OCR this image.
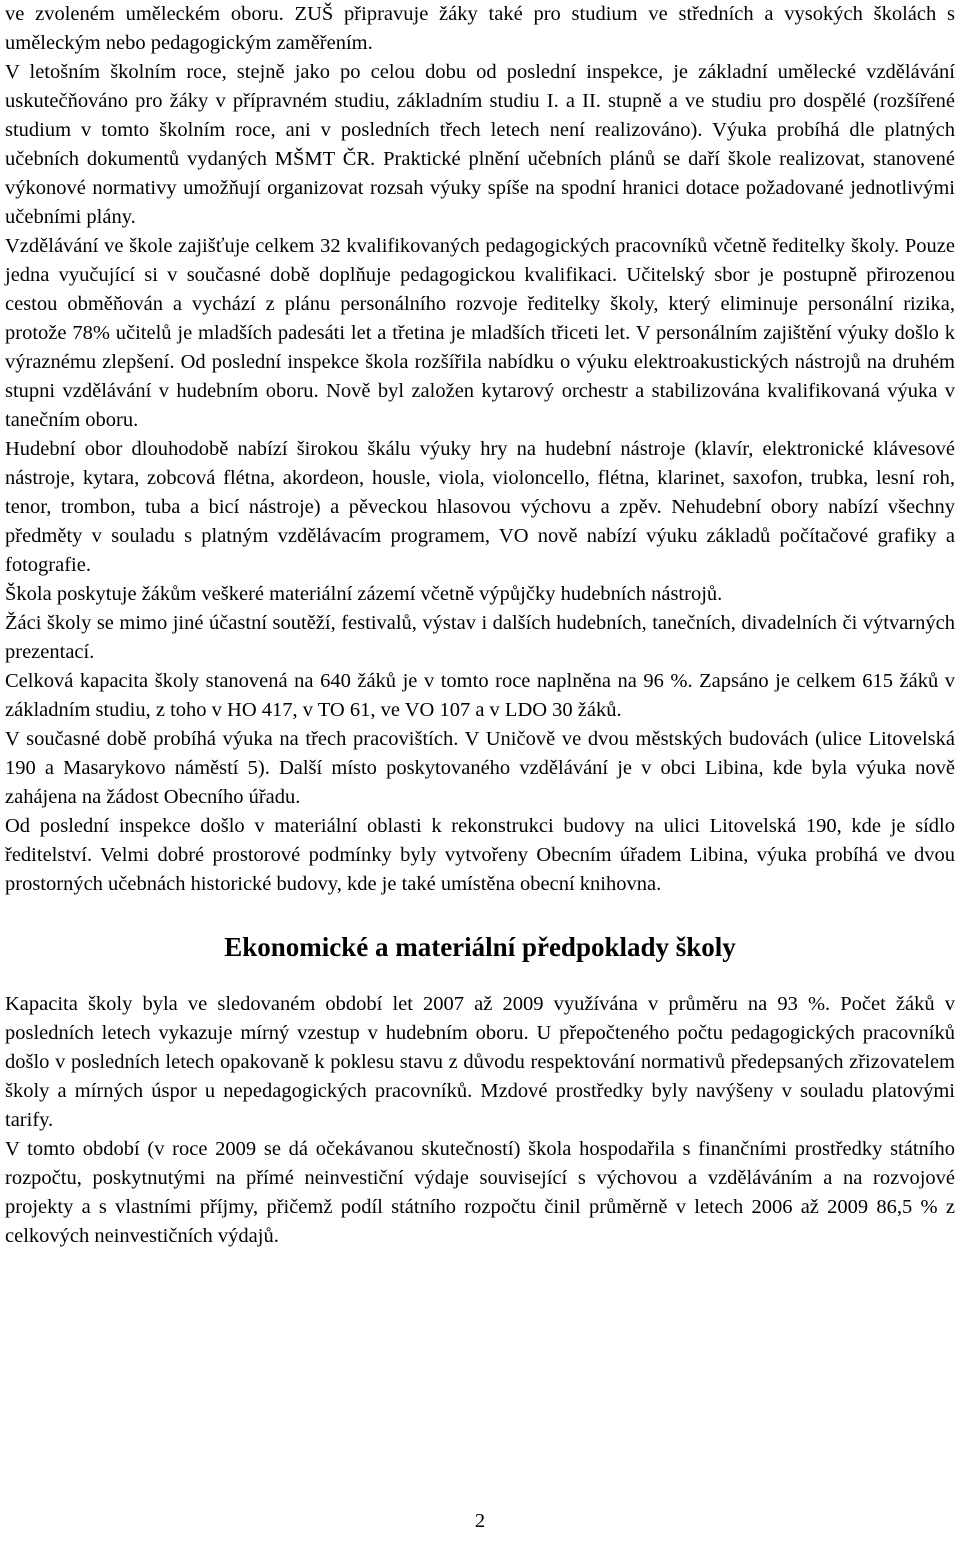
ve zvoleném uměleckém oboru. ZUŠ připravuje žáky také pro studium ve středních a vysokých školách s uměleckým nebo pedagogickým zaměřením.

V letošním školním roce, stejně jako po celou dobu od poslední inspekce, je základní umělecké vzdělávání uskutečňováno pro žáky v přípravném studiu, základním studiu I. a II. stupně a ve studiu pro dospělé (rozšířené studium v tomto školním roce, ani v posledních třech letech není realizováno). Výuka probíhá dle platných učebních dokumentů vydaných MŠMT ČR. Praktické plnění učebních plánů se daří škole realizovat, stanovené výkonové normativy umožňují organizovat rozsah výuky spíše na spodní hranici dotace požadované jednotlivými učebními plány.

Vzdělávání ve škole zajišťuje celkem 32 kvalifikovaných pedagogických pracovníků včetně ředitelky školy. Pouze jedna vyučující si v současné době doplňuje pedagogickou kvalifikaci. Učitelský sbor je postupně přirozenou cestou obměňován a vychází z plánu personálního rozvoje ředitelky školy, který eliminuje personální rizika, protože 78% učitelů je mladších padesáti let a třetina je mladších třiceti let. V personálním zajištění výuky došlo k výraznému zlepšení. Od poslední inspekce škola rozšířila nabídku o výuku elektroakustických nástrojů na druhém stupni vzdělávání v hudebním oboru. Nově byl založen kytarový orchestr a stabilizována kvalifikovaná výuka v tanečním oboru.

Hudební obor dlouhodobě nabízí širokou škálu výuky hry na hudební nástroje (klavír, elektronické klávesové nástroje, kytara, zobcová flétna, akordeon, housle, viola, violoncello, flétna, klarinet, saxofon, trubka, lesní roh, tenor, trombon, tuba a bicí nástroje) a pěveckou hlasovou výchovu a zpěv. Nehudební obory nabízí všechny předměty v souladu s platným vzdělávacím programem, VO nově nabízí výuku základů počítačové grafiky a fotografie.

Škola poskytuje žákům veškeré materiální zázemí včetně výpůjčky hudebních nástrojů.

Žáci školy se mimo jiné účastní soutěží, festivalů, výstav i dalších hudebních, tanečních, divadelních či výtvarných prezentací.

Celková kapacita školy stanovená na 640 žáků je v tomto roce naplněna na 96 %. Zapsáno je celkem 615 žáků v základním studiu, z toho v HO 417, v TO 61, ve VO 107 a v LDO 30 žáků.

V současné době probíhá výuka na třech pracovištích. V Uničově ve dvou městských budovách (ulice Litovelská 190 a Masarykovo náměstí 5). Další místo poskytovaného vzdělávání je v obci Libina, kde byla výuka nově zahájena na žádost Obecního úřadu.

Od poslední inspekce došlo v materiální oblasti k rekonstrukci budovy na ulici Litovelská 190, kde je sídlo ředitelství. Velmi dobré prostorové podmínky byly vytvořeny Obecním úřadem Libina, výuka probíhá ve dvou prostorných učebnách historické budovy, kde je také umístěna obecní knihovna.

Ekonomické a materiální předpoklady školy

Kapacita školy byla ve sledovaném období let 2007 až 2009 využívána v průměru na 93 %. Počet žáků v posledních letech vykazuje mírný vzestup v hudebním oboru. U přepočteného počtu pedagogických pracovníků došlo v posledních letech opakovaně k poklesu stavu z důvodu respektování normativů předepsaných zřizovatelem školy a mírných úspor u nepedagogických pracovníků. Mzdové prostředky byly navýšeny v souladu platovými tarify.

V tomto období (v roce 2009 se dá očekávanou skutečností) škola hospodařila s finančními prostředky státního rozpočtu, poskytnutými na přímé neinvestiční výdaje související s výchovou a vzděláváním a na rozvojové projekty a s vlastními příjmy, přičemž podíl státního rozpočtu činil průměrně v letech 2006 až 2009 86,5 % z celkových neinvestičních výdajů.

2
